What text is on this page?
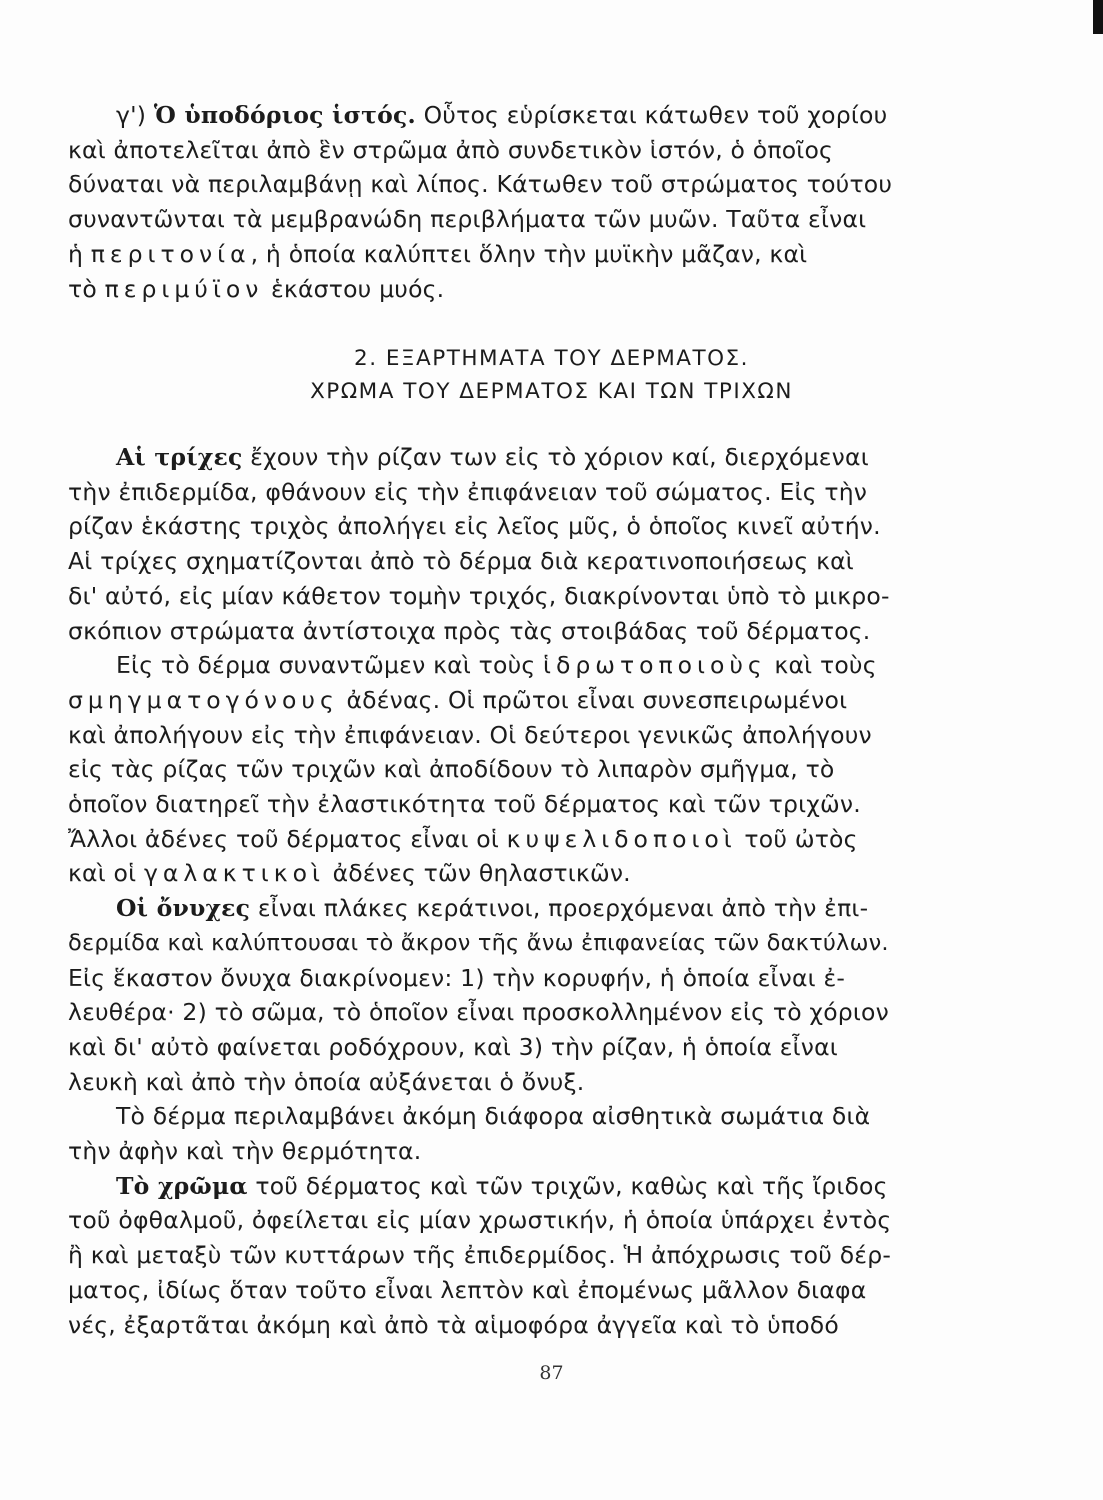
γ') Ὁ ὑποδόριος ἱστός. Οὗτος εὑρίσκεται κάτωθεν τοῦ χορίου

καὶ ἀποτελεῖται ἀπὸ ἓν στρῶμα ἀπὸ συνδετικὸν ἱστόν, ὁ ὁποῖος
δύναται νὰ περιλαμβάνῃ καὶ λίπος. Κάτωθεν τοῦ στρώματος τούτου
συναντῶνται τὰ μεμβρανώδη περιβλήματα τῶν μυῶν. Ταῦτα εἶναι
ἡ περιτονία, ἡ ὁποία καλύπτει ὅλην τὴν μυϊκὴν μᾶζαν, καὶ
τὸ περιμύϊον ἑκάστου μυός.

2. ΕΞΑΡΤΗΜΑΤΑ ΤΟΥ ΔΕΡΜΑΤΟΣ.
ΧΡΩΜΑ ΤΟΥ ΔΕΡΜΑΤΟΣ ΚΑΙ ΤΩΝ ΤΡΙΧΩΝ

Αἱ τρίχες ἔχουν τὴν ρίζαν των εἰς τὸ χόριον καί, διερχόμεναι
τὴν ἐπιδερμίδα, φθάνουν εἰς τὴν ἐπιφάνειαν τοῦ σώματος. Εἰς τὴν
ρίζαν ἑκάστης τριχὸς ἀπολήγει εἰς λεῖος μῦς, ὁ ὁποῖος κινεῖ αὐτήν.
Αἱ τρίχες σχηματίζονται ἀπὸ τὸ δέρμα διὰ κερατινοποιήσεως καὶ
δι' αὐτό, εἰς μίαν κάθετον τομὴν τριχός, διακρίνονται ὑπὸ τὸ μικρο-
σκόπιον στρώματα ἀντίστοιχα πρὸς τὰς στοιβάδας τοῦ δέρματος.

Εἰς τὸ δέρμα συναντῶμεν καὶ τοὺς ἱδρωτοποιοὺς καὶ τοὺς
σμηγματογόνους ἀδένας. Οἱ πρῶτοι εἶναι συνεσπειρωμένοι
καὶ ἀπολήγουν εἰς τὴν ἐπιφάνειαν. Οἱ δεύτεροι γενικῶς ἀπολήγουν
εἰς τὰς ρίζας τῶν τριχῶν καὶ ἀποδίδουν τὸ λιπαρὸν σμῆγμα, τὸ
ὁποῖον διατηρεῖ τὴν ἐλαστικότητα τοῦ δέρματος καὶ τῶν τριχῶν.
Ἄλλοι ἀδένες τοῦ δέρματος εἶναι οἱ κυψελιδοποιοὶ τοῦ ὠτὸς
καὶ οἱ γαλακτικοὶ ἀδένες τῶν θηλαστικῶν.

Οἱ ὄνυχες εἶναι πλάκες κεράτινοι, προερχόμεναι ἀπὸ τὴν ἐπι-
δερμίδα καὶ καλύπτουσαι τὸ ἄκρον τῆς ἄνω ἐπιφανείας τῶν δακτύλων.
Εἰς ἕκαστον ὄνυχα διακρίνομεν: 1) τὴν κορυφήν, ἡ ὁποία εἶναι ἐ-
λευθέρα· 2) τὸ σῶμα, τὸ ὁποῖον εἶναι προσκολλημένον εἰς τὸ χόριον
καὶ δι' αὐτὸ φαίνεται ροδόχρουν, καὶ 3) τὴν ρίζαν, ἡ ὁποία εἶναι
λευκὴ καὶ ἀπὸ τὴν ὁποία αὐξάνεται ὁ ὄνυξ.

Τὸ δέρμα περιλαμβάνει ἀκόμη διάφορα αἰσθητικὰ σωμάτια διὰ
τὴν ἀφὴν καὶ τὴν θερμότητα.

Τὸ χρῶμα τοῦ δέρματος καὶ τῶν τριχῶν, καθὼς καὶ τῆς ἴριδος
τοῦ ὀφθαλμοῦ, ὀφείλεται εἰς μίαν χρωστικήν, ἡ ὁποία ὑπάρχει ἐντὸς
ἢ καὶ μεταξὺ τῶν κυττάρων τῆς ἐπιδερμίδος. Ἡ ἀπόχρωσις τοῦ δέρ-
ματος, ἰδίως ὅταν τοῦτο εἶναι λεπτὸν καὶ ἐπομένως μᾶλλον διαφα
νές, ἐξαρτᾶται ἀκόμη καὶ ἀπὸ τὰ αἱμοφόρα ἀγγεῖα καὶ τὸ ὑποδό

87
